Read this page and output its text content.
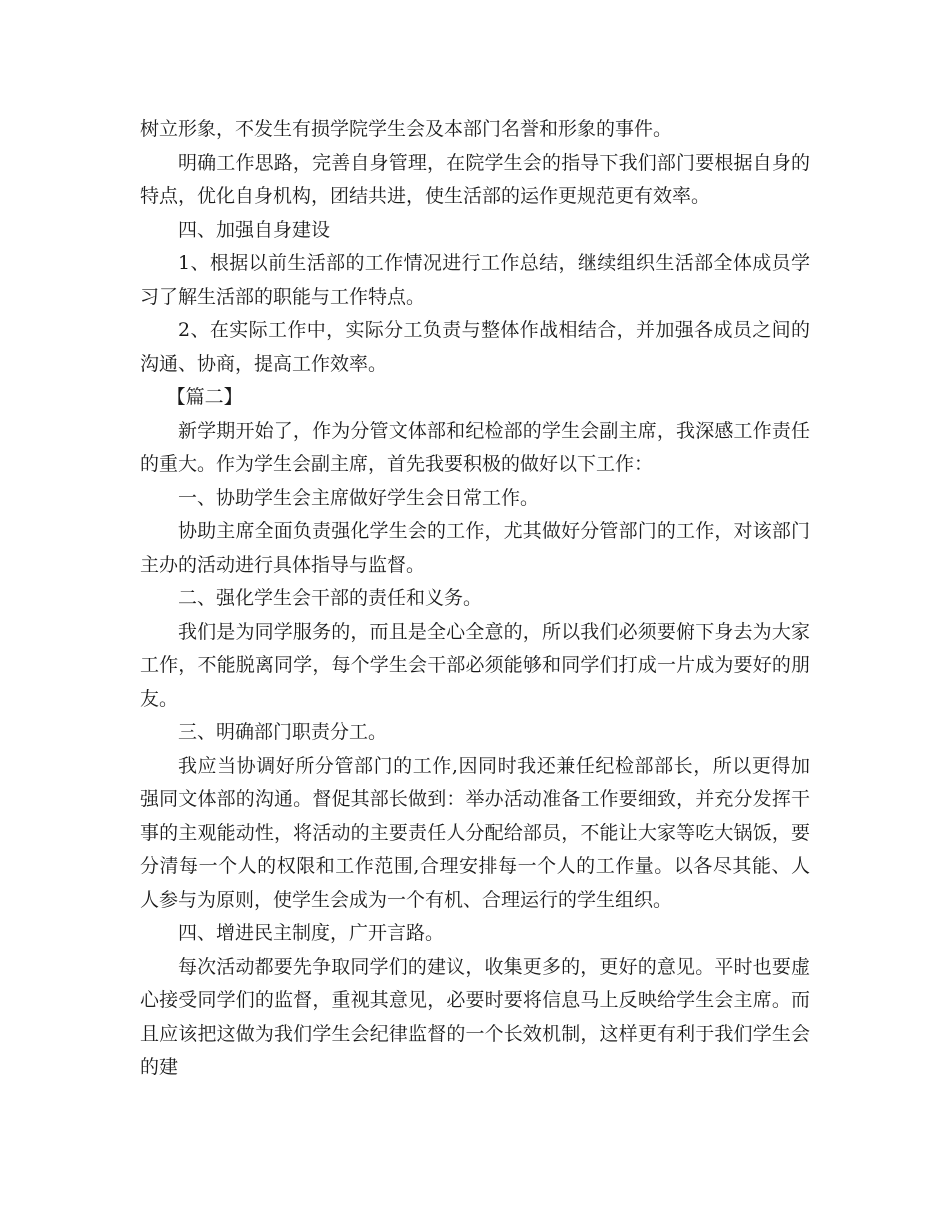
树立形象，不发生有损学院学生会及本部门名誉和形象的事件。

明确工作思路，完善自身管理，在院学生会的指导下我们部门要根据自身的特点，优化自身机构，团结共进，使生活部的运作更规范更有效率。

四、加强自身建设

1、根据以前生活部的工作情况进行工作总结，继续组织生活部全体成员学习了解生活部的职能与工作特点。

2、在实际工作中，实际分工负责与整体作战相结合，并加强各成员之间的沟通、协商，提高工作效率。

【篇二】

新学期开始了，作为分管文体部和纪检部的学生会副主席，我深感工作责任的重大。作为学生会副主席，首先我要积极的做好以下工作：

一、协助学生会主席做好学生会日常工作。

协助主席全面负责强化学生会的工作，尤其做好分管部门的工作，对该部门主办的活动进行具体指导与监督。

二、强化学生会干部的责任和义务。

我们是为同学服务的，而且是全心全意的，所以我们必须要俯下身去为大家工作，不能脱离同学，每个学生会干部必须能够和同学们打成一片成为要好的朋友。

三、明确部门职责分工。

我应当协调好所分管部门的工作,因同时我还兼任纪检部部长，所以更得加强同文体部的沟通。督促其部长做到：举办活动准备工作要细致，并充分发挥干事的主观能动性，将活动的主要责任人分配给部员，不能让大家等吃大锅饭，要分清每一个人的权限和工作范围,合理安排每一个人的工作量。以各尽其能、人人参与为原则，使学生会成为一个有机、合理运行的学生组织。

四、增进民主制度，广开言路。

每次活动都要先争取同学们的建议，收集更多的，更好的意见。平时也要虚心接受同学们的监督，重视其意见，必要时要将信息马上反映给学生会主席。而且应该把这做为我们学生会纪律监督的一个长效机制，这样更有利于我们学生会的建
